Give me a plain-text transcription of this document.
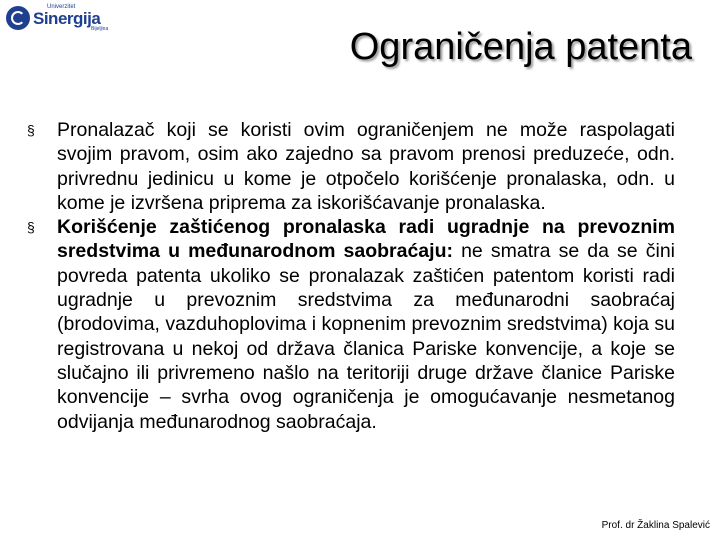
Univerzitet
Sinergija
Bijeljina	Ograničenja patenta
§	Pronalazač koji se koristi ovim ograničenjem ne može raspolagati svojim pravom, osim ako zajedno sa pravom prenosi preduzeće, odn. privrednu jedinicu u kome je otpočelo korišćenje pronalaska, odn. u kome je izvršena priprema za iskorišćavanje pronalaska.
§	Korišćenje zaštićenog pronalaska radi ugradnje na prevoznim sredstvima u međunarodnom saobraćaju: ne smatra se da se čini povreda patenta ukoliko se pronalazak zaštićen patentom koristi radi ugradnje u prevoznim sredstvima za međunarodni saobraćaj (brodovima, vazduhoplovima i kopnenim prevoznim sredstvima) koja su registrovana u nekoj od država članica Pariske konvencije, a koje se slučajno ili privremeno našlo na teritoriji druge države članice Pariske konvencije – svrha ovog ograničenja je omogućavanje nesmetanog odvijanja međunarodnog saobraćaja.
Prof. dr Žaklina Spalević
